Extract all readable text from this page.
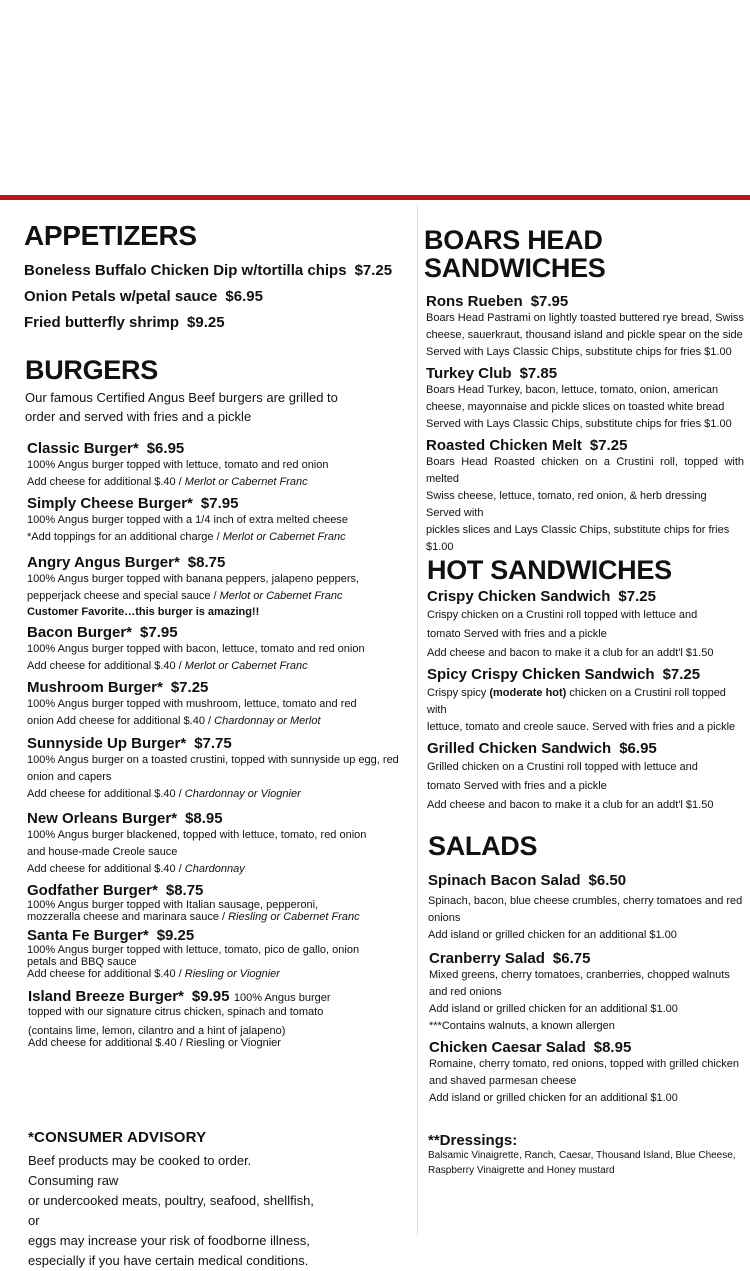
APPETIZERS
Boneless Buffalo Chicken Dip w/tortilla chips $7.25
Onion Petals w/petal sauce $6.95
Fried butterfly shrimp $9.25
BURGERS
Our famous Certified Angus Beef burgers are grilled to order and served with fries and a pickle
Classic Burger* $6.95
100% Angus burger topped with lettuce, tomato and red onion
Add cheese for additional $.40 / Merlot or Cabernet Franc
Simply Cheese Burger* $7.95
100% Angus burger topped with a 1/4 inch of extra melted cheese
*Add toppings for an additional charge / Merlot or Cabernet Franc
Angry Angus Burger* $8.75
100% Angus burger topped with banana peppers, jalapeno peppers,
pepperjack cheese and special sauce / Merlot or Cabernet Franc
Customer Favorite…this burger is amazing!!
Bacon Burger* $7.95
100% Angus burger topped with bacon, lettuce, tomato and red onion
Add cheese for additional $.40 / Merlot or Cabernet Franc
Mushroom Burger* $7.25
100% Angus burger topped with mushroom, lettuce, tomato and red
onion Add cheese for additional $.40 / Chardonnay or Merlot
Sunnyside Up Burger* $7.75
100% Angus burger on a toasted crustini, topped with sunnyside up egg, red
onion and capers
Add cheese for additional $.40 / Chardonnay or Viognier
New Orleans Burger* $8.95
100% Angus burger blackened, topped with lettuce, tomato, red onion
and house-made Creole sauce
Add cheese for additional $.40 / Chardonnay
Godfather Burger* $8.75
100% Angus burger topped with Italian sausage, pepperoni,
mozzeralla cheese and marinara sauce / Riesling or Cabernet Franc
Santa Fe Burger* $9.25
100% Angus burger topped with lettuce, tomato, pico de gallo, onion
petals and BBQ sauce
Add cheese for additional $.40 / Riesling or Viognier
Island Breeze Burger* $9.95 100% Angus burger
topped with our signature citrus chicken, spinach and tomato
(contains lime, lemon, cilantro and a hint of jalapeno)
Add cheese for additional $.40 / Riesling or Viognier
*CONSUMER ADVISORY
Beef products may be cooked to order. Consuming raw
or undercooked meats, poultry, seafood, shellfish, or
eggs may increase your risk of foodborne illness,
especially if you have certain medical conditions.
BOARS HEAD
SANDWICHES
Rons Rueben $7.95
Boars Head Pastrami on lightly toasted buttered rye bread, Swiss
cheese, sauerkraut, thousand island and pickle spear on the side
Served with Lays Classic Chips, substitute chips for fries $1.00
Turkey Club $7.85
Boars Head Turkey, bacon, lettuce, tomato, onion, american
cheese, mayonnaise and pickle slices on toasted white bread
Served with Lays Classic Chips, substitute chips for fries $1.00
Roasted Chicken Melt $7.25
Boars Head Roasted chicken on a Crustini roll, topped with melted
Swiss cheese, lettuce, tomato, red onion, & herb dressing Served with
pickles slices and Lays Classic Chips, substitute chips for fries $1.00
HOT SANDWICHES
Crispy Chicken Sandwich $7.25
Crispy chicken on a Crustini roll topped with lettuce and
tomato Served with fries and a pickle
Add cheese and bacon to make it a club for an addt'l $1.50
Spicy Crispy Chicken Sandwich $7.25
Crispy spicy (moderate hot) chicken on a Crustini roll topped with
lettuce, tomato and creole sauce. Served with fries and a pickle
Grilled Chicken Sandwich $6.95
Grilled chicken on a Crustini roll topped with lettuce and
tomato Served with fries and a pickle
Add cheese and bacon to make it a club for an addt'l $1.50
SALADS
Spinach Bacon Salad $6.50
Spinach, bacon, blue cheese crumbles, cherry tomatoes and red
onions
Add island or grilled chicken for an additional $1.00
Cranberry Salad $6.75
Mixed greens, cherry tomatoes, cranberries, chopped walnuts
and red onions
Add island or grilled chicken for an additional $1.00
***Contains walnuts, a known allergen
Chicken Caesar Salad $8.95
Romaine, cherry tomato, red onions, topped with grilled chicken
and shaved parmesan cheese
Add island or grilled chicken for an additional $1.00
**Dressings:
Balsamic Vinaigrette, Ranch, Caesar, Thousand Island, Blue Cheese,
Raspberry Vinaigrette and Honey mustard
